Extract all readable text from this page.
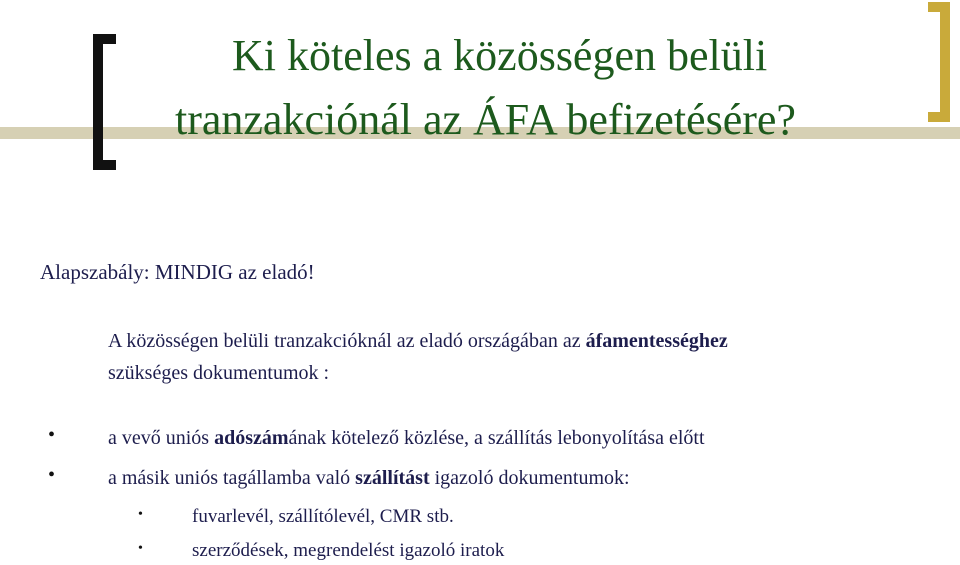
Ki köteles a közösségen belüli
tranzakciónál az ÁFA befizetésére?
Alapszabály: MINDIG az eladó!
A közösségen belüli tranzakcióknál az eladó országában az áfamentességhez
szükséges dokumentumok :
•	a vevő uniós adószámának kötelező közlése, a szállítás lebonyolítása előtt
•	a másik uniós tagállamba való szállítást igazoló dokumentumok:
•	fuvarlevél, szállítólevél, CMR stb.
•	szerződések, megrendelést igazoló iratok
